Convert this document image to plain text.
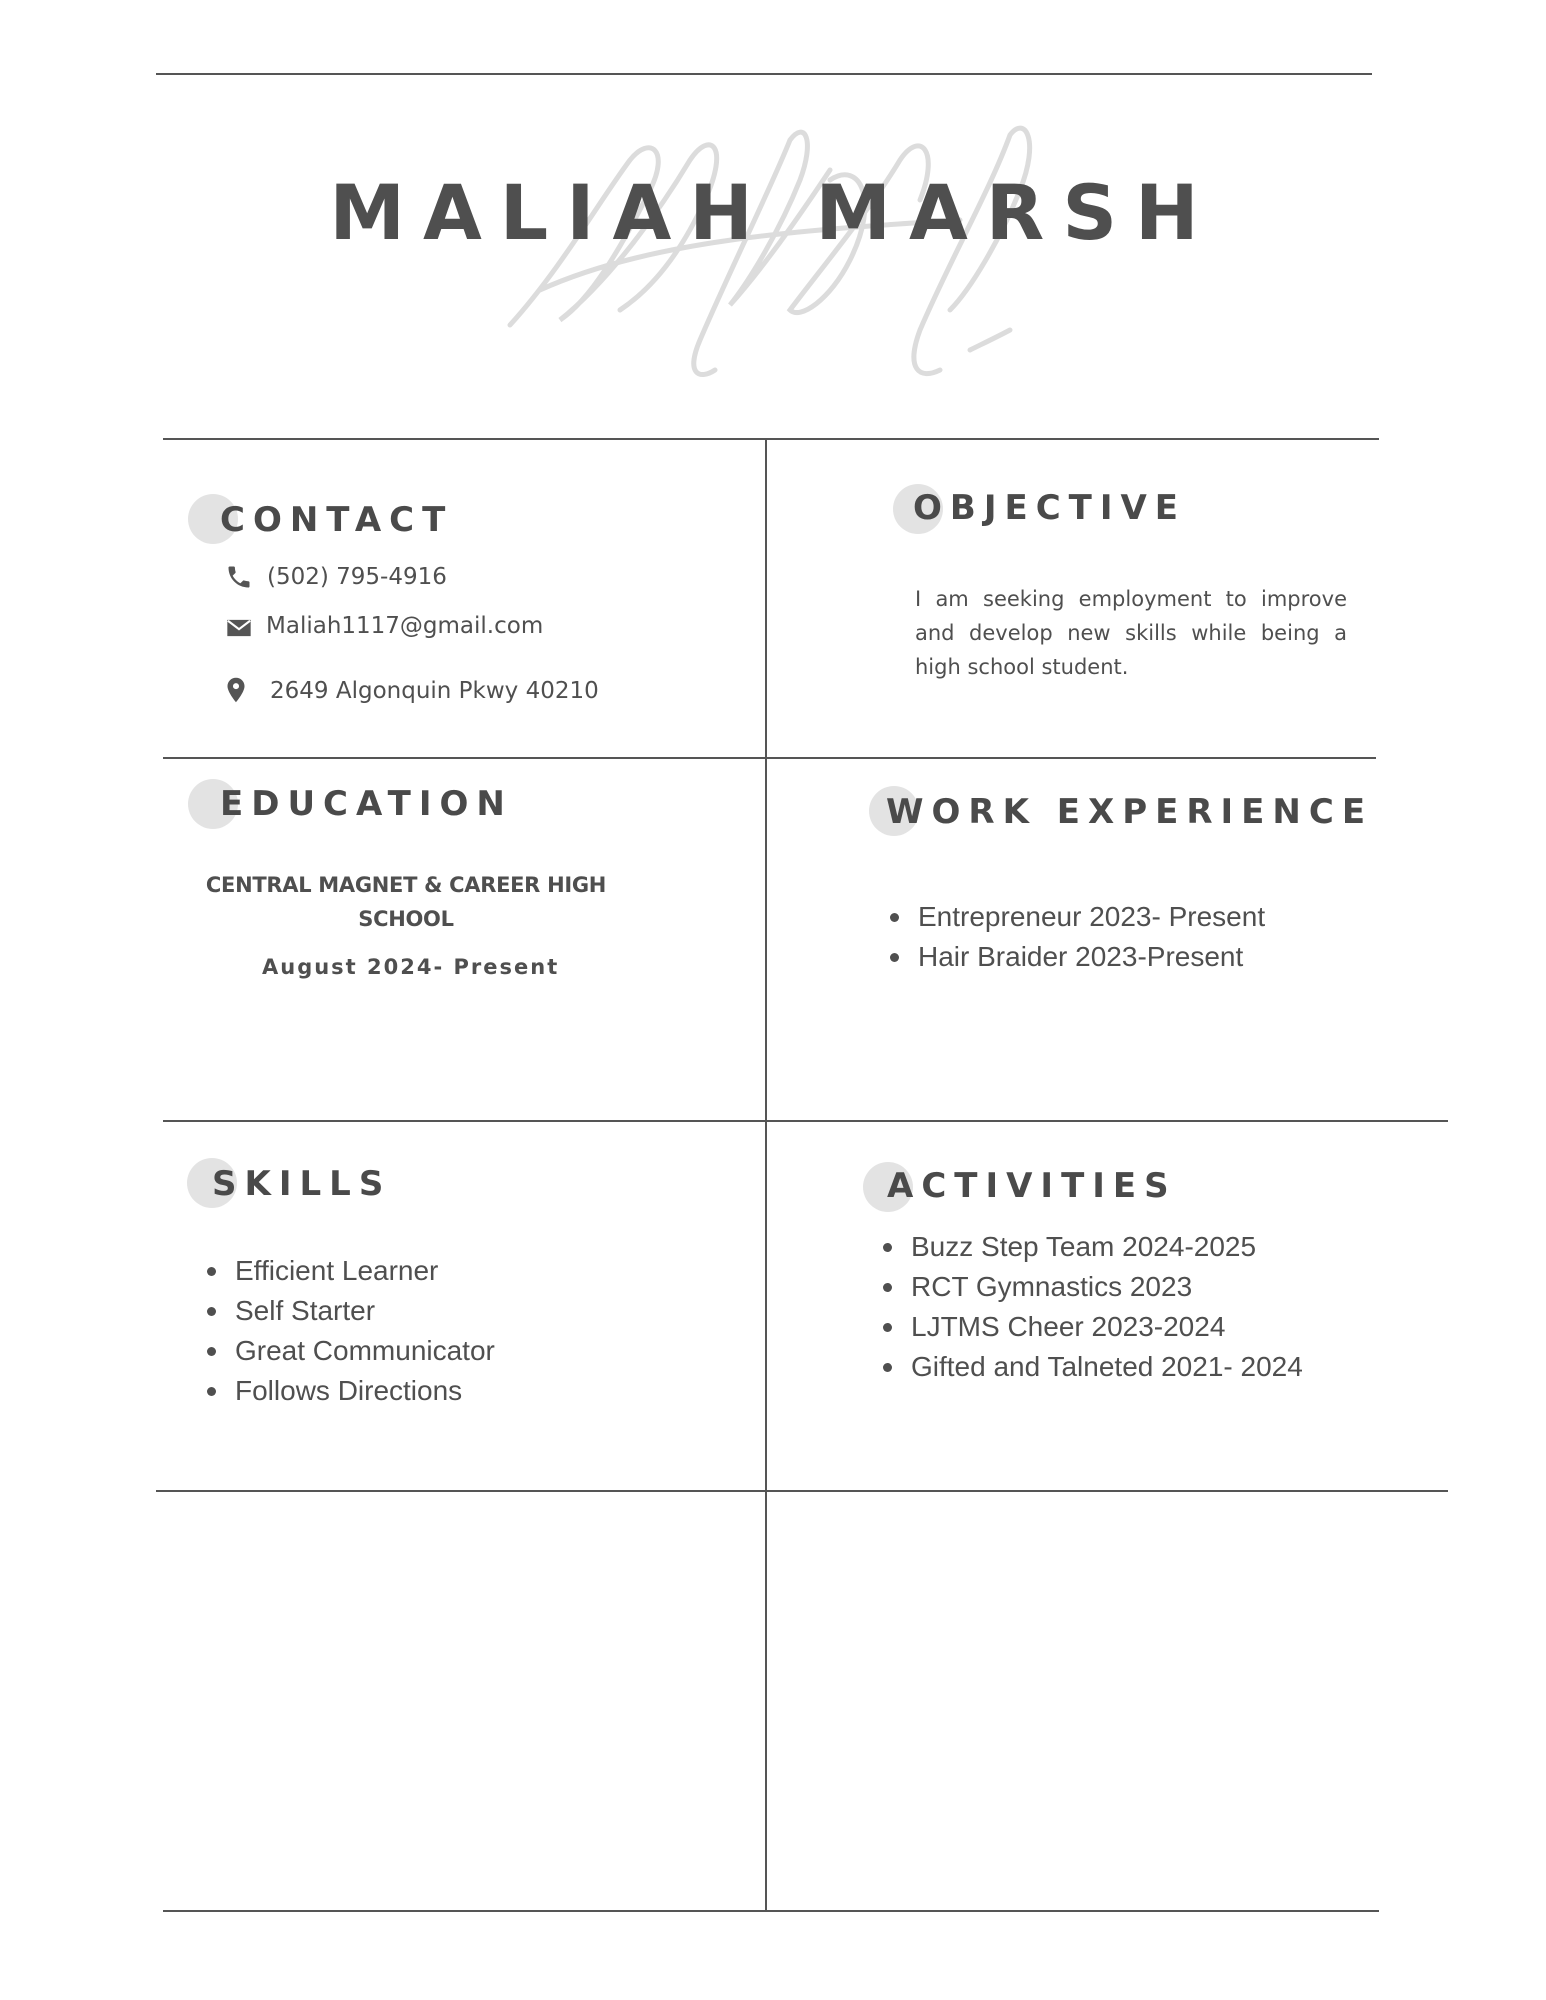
MALIAH MARSH
CONTACT
(502) 795-4916
Maliah1117@gmail.com
2649 Algonquin Pkwy 40210
OBJECTIVE
I am seeking employment to improve and develop new skills while being a high school student.
EDUCATION
CENTRAL MAGNET & CAREER HIGH SCHOOL
August 2024- Present
WORK EXPERIENCE
Entrepreneur 2023- Present
Hair Braider 2023-Present
SKILLS
Efficient Learner
Self Starter
Great Communicator
Follows Directions
ACTIVITIES
Buzz Step Team 2024-2025
RCT Gymnastics 2023
LJTMS Cheer 2023-2024
Gifted and Talneted 2021- 2024
